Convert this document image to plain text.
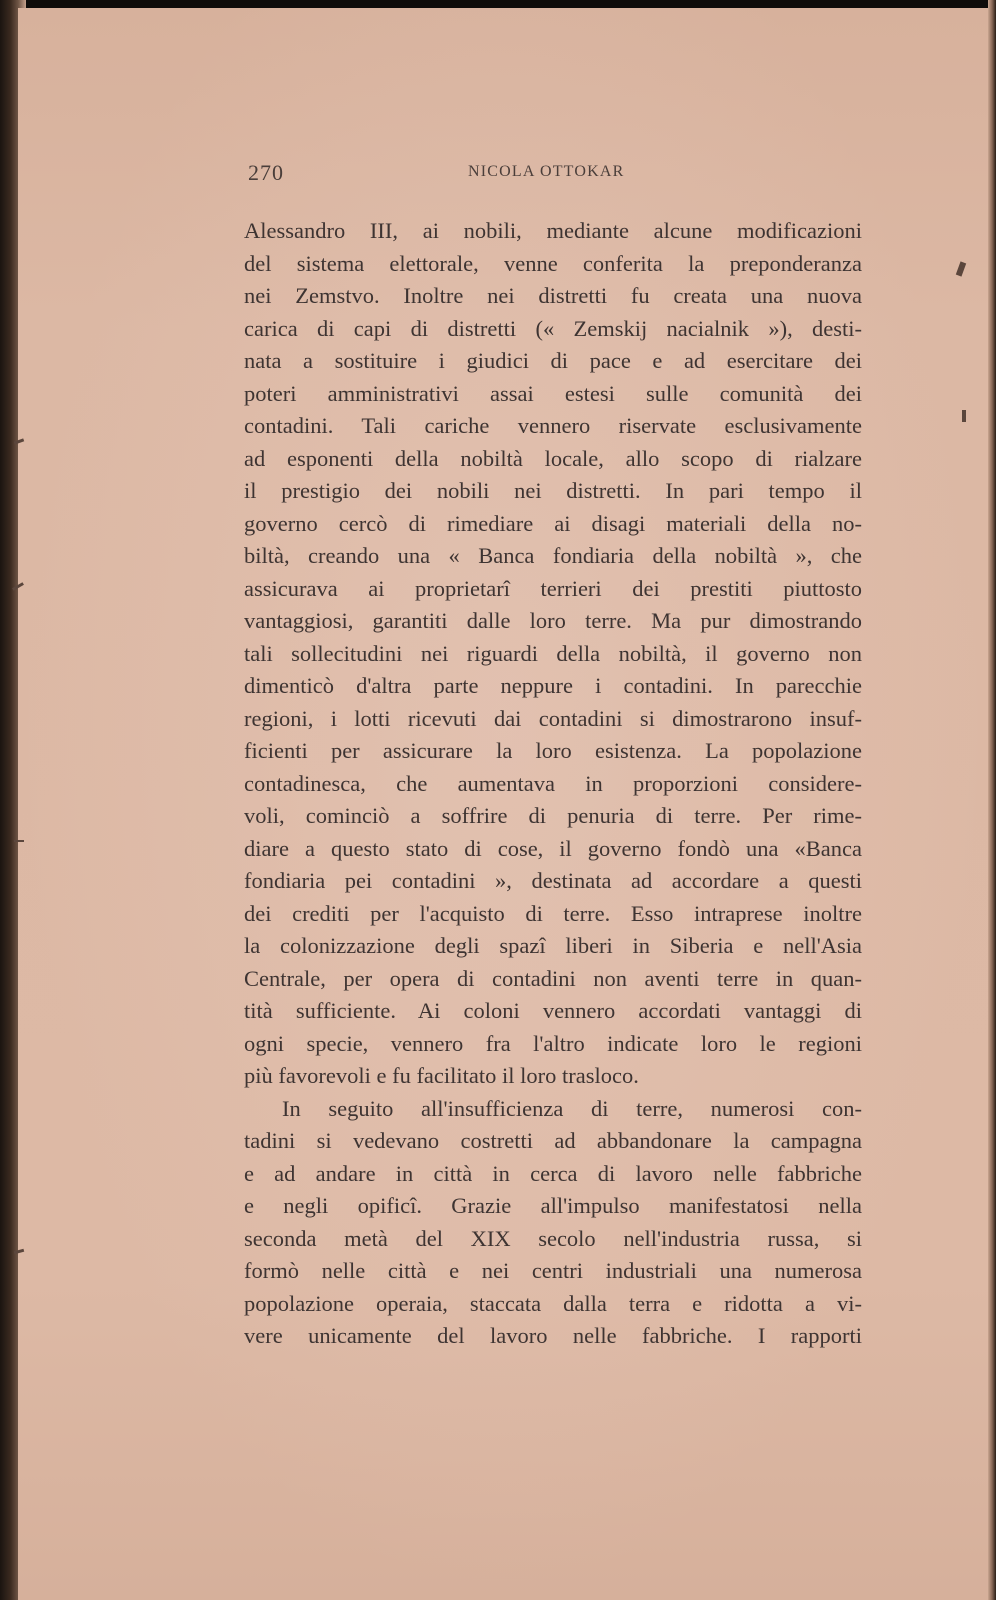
270	NICOLA OTTOKAR
Alessandro III, ai nobili, mediante alcune modificazioni
del sistema elettorale, venne conferita la preponderanza
nei Zemstvo. Inoltre nei distretti fu creata una nuova
carica di capi di distretti (« Zemskij nacialnik »), desti-
nata a sostituire i giudici di pace e ad esercitare dei
poteri amministrativi assai estesi sulle comunità dei
contadini. Tali cariche vennero riservate esclusivamente
ad esponenti della nobiltà locale, allo scopo di rialzare
il prestigio dei nobili nei distretti. In pari tempo il
governo cercò di rimediare ai disagi materiali della no-
biltà, creando una « Banca fondiaria della nobiltà », che
assicurava ai proprietarî terrieri dei prestiti piuttosto
vantaggiosi, garantiti dalle loro terre. Ma pur dimostrando
tali sollecitudini nei riguardi della nobiltà, il governo non
dimenticò d'altra parte neppure i contadini. In parecchie
regioni, i lotti ricevuti dai contadini si dimostrarono insuf-
ficienti per assicurare la loro esistenza. La popolazione
contadinesca, che aumentava in proporzioni considere-
voli, cominciò a soffrire di penuria di terre. Per rime-
diare a questo stato di cose, il governo fondò una «Banca
fondiaria pei contadini », destinata ad accordare a questi
dei crediti per l'acquisto di terre. Esso intraprese inoltre
la colonizzazione degli spazî liberi in Siberia e nell'Asia
Centrale, per opera di contadini non aventi terre in quan-
tità sufficiente. Ai coloni vennero accordati vantaggi di
ogni specie, vennero fra l'altro indicate loro le regioni
più favorevoli e fu facilitato il loro trasloco.
In seguito all'insufficienza di terre, numerosi con-
tadini si vedevano costretti ad abbandonare la campagna
e ad andare in città in cerca di lavoro nelle fabbriche
e negli opificî. Grazie all'impulso manifestatosi nella
seconda metà del XIX secolo nell'industria russa, si
formò nelle città e nei centri industriali una numerosa
popolazione operaia, staccata dalla terra e ridotta a vi-
vere unicamente del lavoro nelle fabbriche. I rapporti
